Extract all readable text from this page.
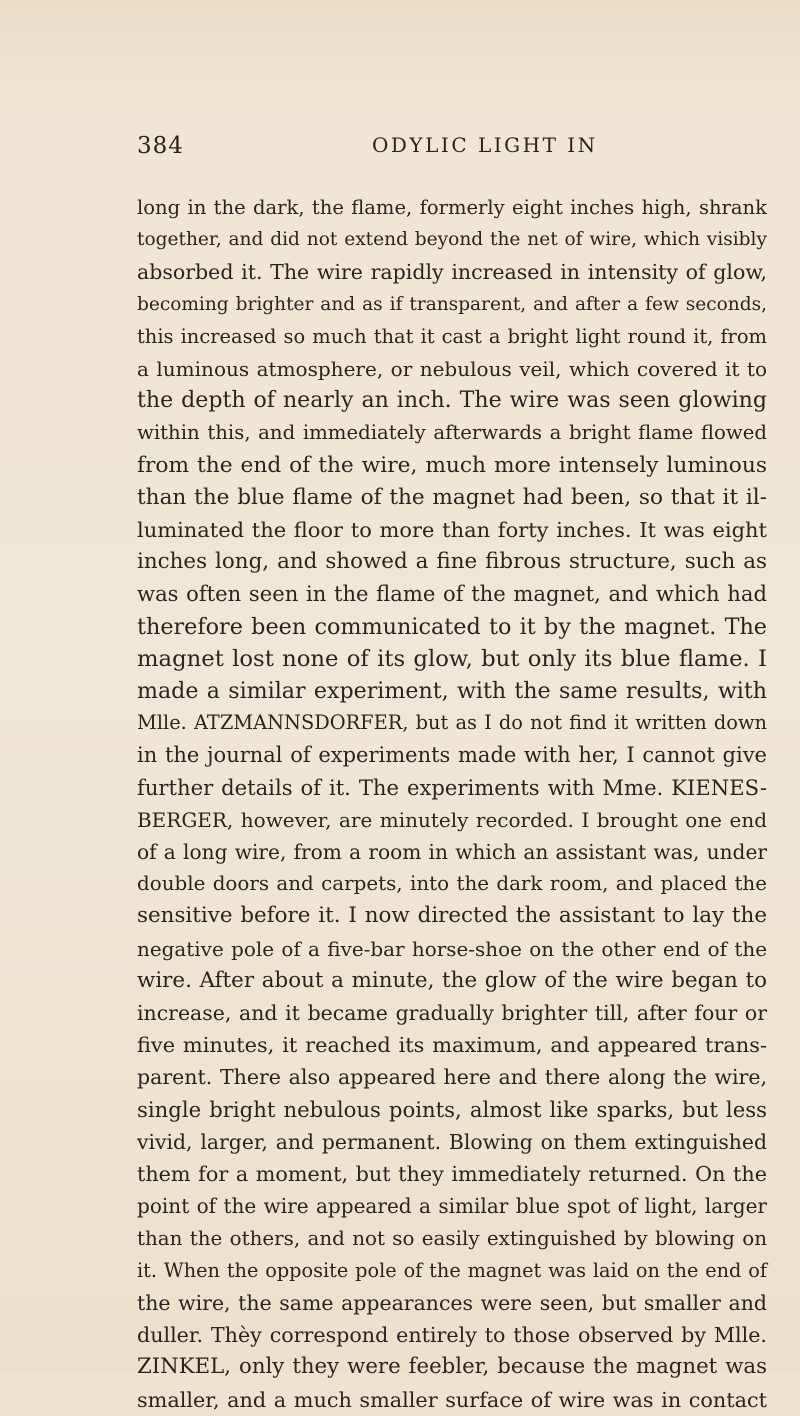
384	ODYLIC LIGHT IN
long in the dark, the flame, formerly eight inches high, shrank
together, and did not extend beyond the net of wire, which visibly
absorbed it. The wire rapidly increased in intensity of glow,
becoming brighter and as if transparent, and after a few seconds,
this increased so much that it cast a bright light round it, from
a luminous atmosphere, or nebulous veil, which covered it to
the depth of nearly an inch. The wire was seen glowing
within this, and immediately afterwards a bright flame flowed
from the end of the wire, much more intensely luminous
than the blue flame of the magnet had been, so that it il-
luminated the floor to more than forty inches. It was eight
inches long, and showed a fine fibrous structure, such as
was often seen in the flame of the magnet, and which had
therefore been communicated to it by the magnet. The
magnet lost none of its glow, but only its blue flame. I
made a similar experiment, with the same results, with
Mlle. ATZMANNSDORFER, but as I do not find it written down
in the journal of experiments made with her, I cannot give
further details of it. The experiments with Mme. KIENES-
BERGER, however, are minutely recorded. I brought one end
of a long wire, from a room in which an assistant was, under
double doors and carpets, into the dark room, and placed the
sensitive before it. I now directed the assistant to lay the
negative pole of a five-bar horse-shoe on the other end of the
wire. After about a minute, the glow of the wire began to
increase, and it became gradually brighter till, after four or
five minutes, it reached its maximum, and appeared trans-
parent. There also appeared here and there along the wire,
single bright nebulous points, almost like sparks, but less
vivid, larger, and permanent. Blowing on them extinguished
them for a moment, but they immediately returned. On the
point of the wire appeared a similar blue spot of light, larger
than the others, and not so easily extinguished by blowing on
it. When the opposite pole of the magnet was laid on the end of
the wire, the same appearances were seen, but smaller and
duller. Thèy correspond entirely to those observed by Mlle.
ZINKEL, only they were feebler, because the magnet was
smaller, and a much smaller surface of wire was in contact
